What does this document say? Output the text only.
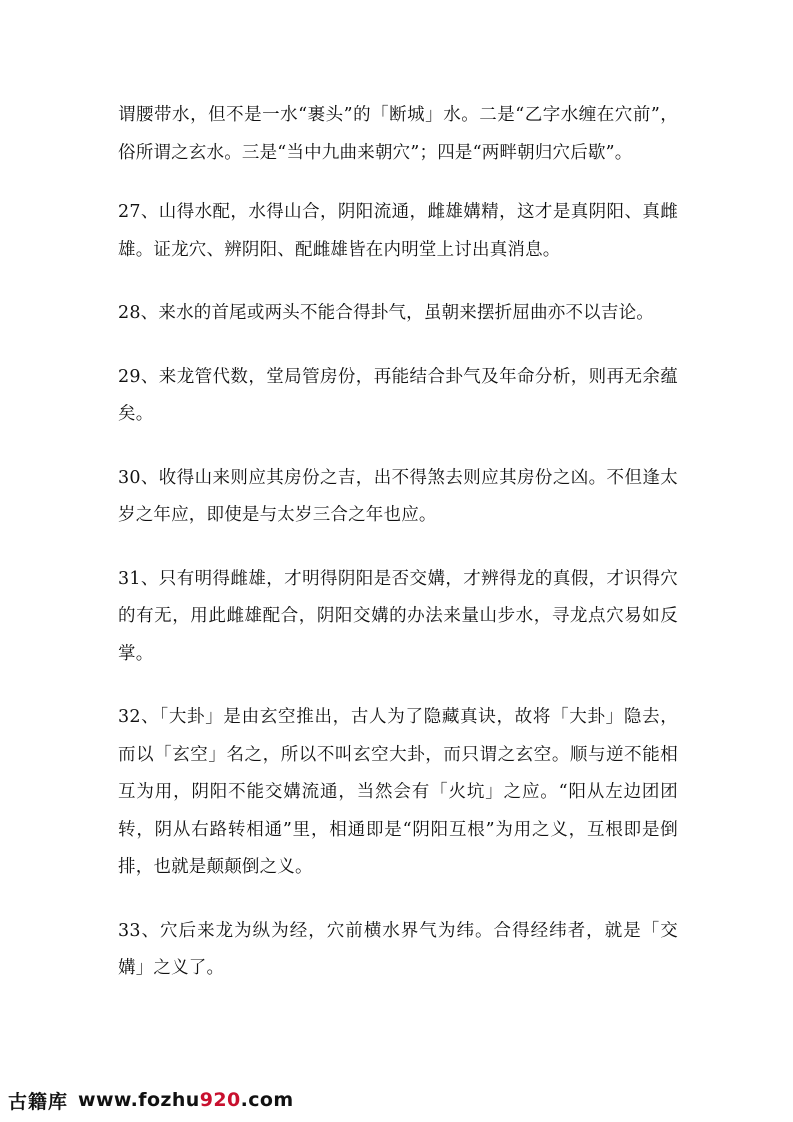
谓腰带水，但不是一水“裹头”的「断城」水。二是“乙字水缠在穴前”，俗所谓之玄水。三是“当中九曲来朝穴”；四是“两畔朝归穴后歇”。

27、山得水配，水得山合，阴阳流通，雌雄媾精，这才是真阴阳、真雌雄。证龙穴、辨阴阳、配雌雄皆在内明堂上讨出真消息。

28、来水的首尾或两头不能合得卦气，虽朝来摆折屈曲亦不以吉论。

29、来龙管代数，堂局管房份，再能结合卦气及年命分析，则再无余蕴矣。

30、收得山来则应其房份之吉，出不得煞去则应其房份之凶。不但逢太岁之年应，即使是与太岁三合之年也应。

31、只有明得雌雄，才明得阴阳是否交媾，才辨得龙的真假，才识得穴的有无，用此雌雄配合，阴阳交媾的办法来量山步水，寻龙点穴易如反掌。

32、「大卦」是由玄空推出，古人为了隐藏真诀，故将「大卦」隐去，而以「玄空」名之，所以不叫玄空大卦，而只谓之玄空。顺与逆不能相互为用，阴阳不能交媾流通，当然会有「火坑」之应。“阳从左边团团转，阴从右路转相通”里，相通即是“阴阳互根”为用之义，互根即是倒排，也就是颠颠倒之义。

33、穴后来龙为纵为经，穴前横水界气为纬。合得经纬者，就是「交媾」之义了。

古籍库 www.fozhu920.com
